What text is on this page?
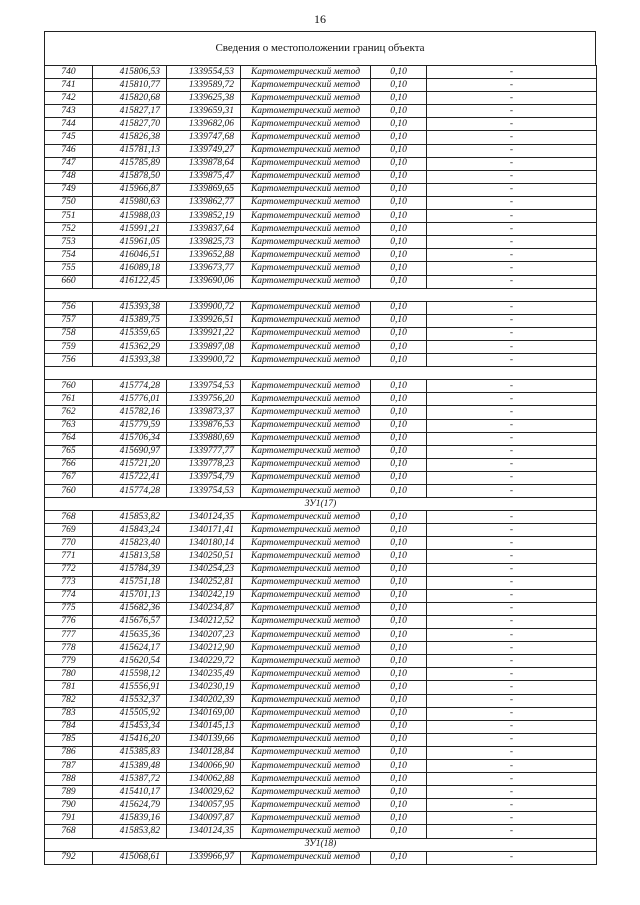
16
Сведения о местоположении границ объекта
740	415806,53	1339554,53	Картометрический метод	0,10	-
741	415810,77	1339589,72	Картометрический метод	0,10	-
742	415820,68	1339625,38	Картометрический метод	0,10	-
743	415827,17	1339659,31	Картометрический метод	0,10	-
744	415827,70	1339682,06	Картометрический метод	0,10	-
745	415826,38	1339747,68	Картометрический метод	0,10	-
746	415781,13	1339749,27	Картометрический метод	0,10	-
747	415785,89	1339878,64	Картометрический метод	0,10	-
748	415878,50	1339875,47	Картометрический метод	0,10	-
749	415966,87	1339869,65	Картометрический метод	0,10	-
750	415980,63	1339862,77	Картометрический метод	0,10	-
751	415988,03	1339852,19	Картометрический метод	0,10	-
752	415991,21	1339837,64	Картометрический метод	0,10	-
753	415961,05	1339825,73	Картометрический метод	0,10	-
754	416046,51	1339652,88	Картометрический метод	0,10	-
755	416089,18	1339673,77	Картометрический метод	0,10	-
660	416122,45	1339690,06	Картометрический метод	0,10	-

756	415393,38	1339900,72	Картометрический метод	0,10	-
757	415389,75	1339926,51	Картометрический метод	0,10	-
758	415359,65	1339921,22	Картометрический метод	0,10	-
759	415362,29	1339897,08	Картометрический метод	0,10	-
756	415393,38	1339900,72	Картометрический метод	0,10	-

760	415774,28	1339754,53	Картометрический метод	0,10	-
761	415776,01	1339756,20	Картометрический метод	0,10	-
762	415782,16	1339873,37	Картометрический метод	0,10	-
763	415779,59	1339876,53	Картометрический метод	0,10	-
764	415706,34	1339880,69	Картометрический метод	0,10	-
765	415690,97	1339777,77	Картометрический метод	0,10	-
766	415721,20	1339778,23	Картометрический метод	0,10	-
767	415722,41	1339754,79	Картометрический метод	0,10	-
760	415774,28	1339754,53	Картометрический метод	0,10	-
ЗУ1(17)					
768	415853,82	1340124,35	Картометрический метод	0,10	-
769	415843,24	1340171,41	Картометрический метод	0,10	-
770	415823,40	1340180,14	Картометрический метод	0,10	-
771	415813,58	1340250,51	Картометрический метод	0,10	-
772	415784,39	1340254,23	Картометрический метод	0,10	-
773	415751,18	1340252,81	Картометрический метод	0,10	-
774	415701,13	1340242,19	Картометрический метод	0,10	-
775	415682,36	1340234,87	Картометрический метод	0,10	-
776	415676,57	1340212,52	Картометрический метод	0,10	-
777	415635,36	1340207,23	Картометрический метод	0,10	-
778	415624,17	1340212,90	Картометрический метод	0,10	-
779	415620,54	1340229,72	Картометрический метод	0,10	-
780	415598,12	1340235,49	Картометрический метод	0,10	-
781	415556,91	1340230,19	Картометрический метод	0,10	-
782	415532,37	1340202,39	Картометрический метод	0,10	-
783	415505,92	1340169,00	Картометрический метод	0,10	-
784	415453,34	1340145,13	Картометрический метод	0,10	-
785	415416,20	1340139,66	Картометрический метод	0,10	-
786	415385,83	1340128,84	Картометрический метод	0,10	-
787	415389,48	1340066,90	Картометрический метод	0,10	-
788	415387,72	1340062,88	Картометрический метод	0,10	-
789	415410,17	1340029,62	Картометрический метод	0,10	-
790	415624,79	1340057,95	Картометрический метод	0,10	-
791	415839,16	1340097,87	Картометрический метод	0,10	-
768	415853,82	1340124,35	Картометрический метод	0,10	-
ЗУ1(18)					
792	415068,61	1339966,97	Картометрический метод	0,10	-
